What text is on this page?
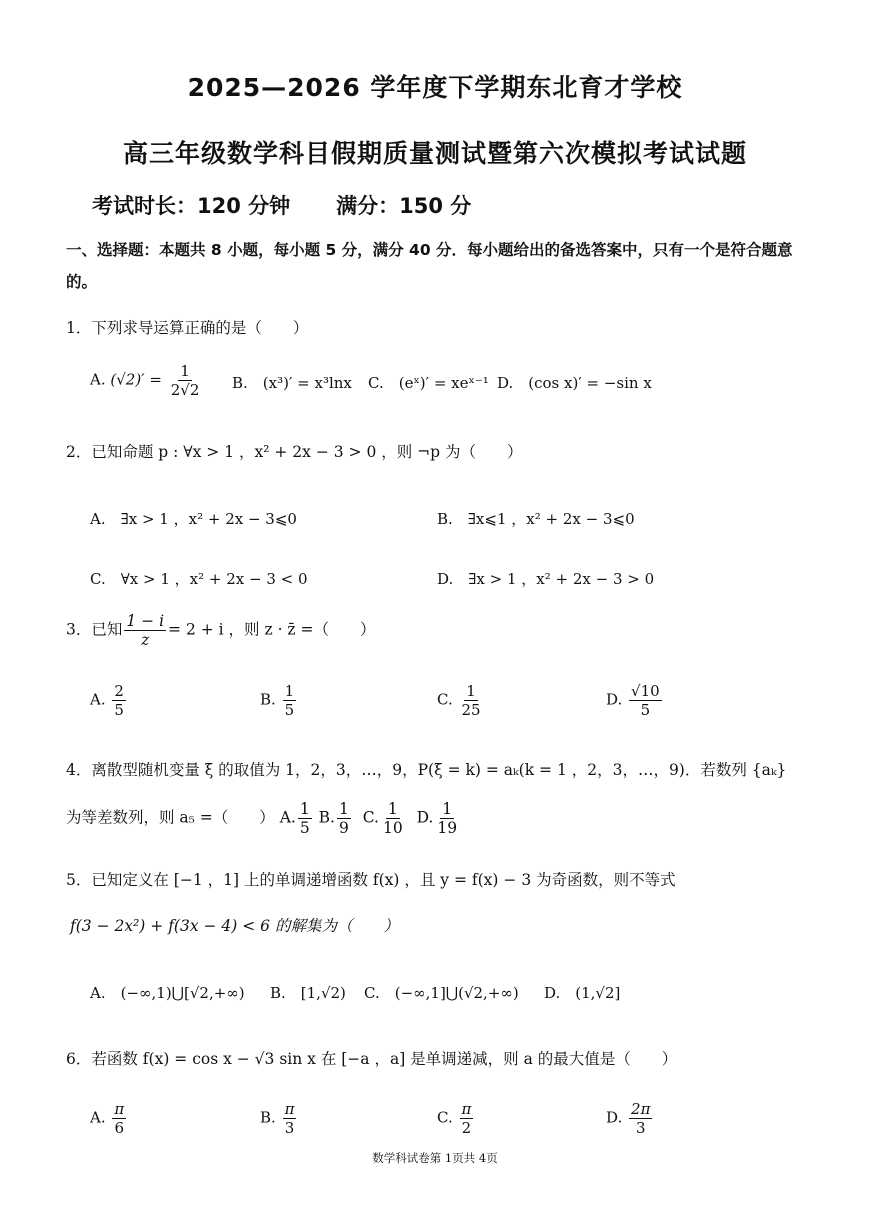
2025—2026 学年度下学期东北育才学校
高三年级数学科目假期质量测试暨第六次模拟考试试题
考试时长：120 分钟 满分：150 分
一、选择题：本题共 8 小题，每小题 5 分，满分 40 分．每小题给出的备选答案中，只有一个是符合题意的。
1．下列求导运算正确的是（　　）
A. $(√2)' = \frac{1}{2√2} B$.　(x³)′ = x³lnx C.　(eˣ)′ = xeˣ⁻¹ D.　(cos x)′ = −sin x
2．已知命题 p : ∀x > 1 ，x² + 2x − 3 > 0 ，则 ¬p 为（　　）
A.　∃x > 1 ，x² + 2x − 3⩽0	B.　∃x⩽1 ，x² + 2x − 3⩽0
C.　∀x > 1 ，x² + 2x − 3 < 0	D.　∃x > 1 ，x² + 2x − 3 > 0
3．已知 $\frac{1 - i}{z} = 2 + i$ ，则 z · z̄ =（　　）
A. $\frac{2}{5}$	B. $\frac{1}{5}$	C. $\frac{1}{25}$	D. $\frac{√10}{5}$
4．离散型随机变量 ξ 的取值为 1，2，3，…，9，P(ξ = k) = aₖ(k = 1 ，2，3，…，9)．若数列 {aₖ}
为等差数列，则 a₅ =（　　） A. $\frac{1}{5} B$. $\frac{1}{9} C$. $\frac{1}{10} D$. $\frac{1}{19}$
5．已知定义在 [−1 ，1] 上的单调递增函数 f(x) ，且 y = f(x) − 3 为奇函数，则不等式
f(3 − 2x²) + f(3x − 4) < 6 的解集为（　　）
A.　(−∞,1)⋃[√2,+∞) B.　[1,√2) C.　(−∞,1]⋃(√2,+∞) D.　(1,√2]
6．若函数 f(x) = cos x − √3 sin x 在 [−a ，a] 是单调递减，则 a 的最大值是（　　）
A. $\frac{\pi}{6}$	B. $\frac{\pi}{3}$	C. $\frac{\pi}{2}$	D. $\frac{2\pi}{3}$
数学科试卷第 1页共 4页
